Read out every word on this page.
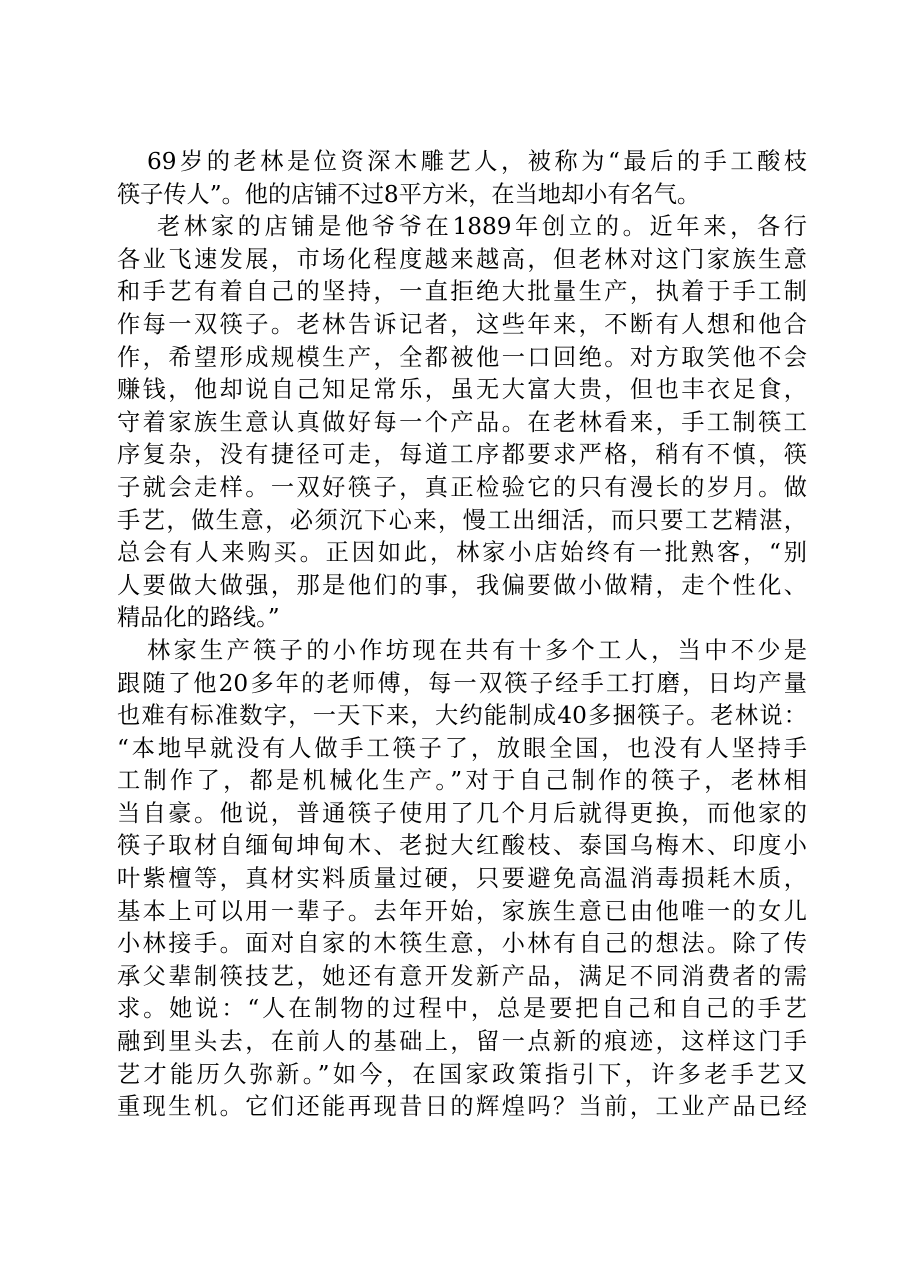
69岁的老林是位资深木雕艺人，被称为“最后的手工酸枝
筷子传人”。他的店铺不过8平方米，在当地却小有名气。
老林家的店铺是他爷爷在1889年创立的。近年来，各行
各业飞速发展，市场化程度越来越高，但老林对这门家族生意
和手艺有着自己的坚持，一直拒绝大批量生产，执着于手工制
作每一双筷子。老林告诉记者，这些年来，不断有人想和他合
作，希望形成规模生产，全都被他一口回绝。对方取笑他不会
赚钱，他却说自己知足常乐，虽无大富大贵，但也丰衣足食，
守着家族生意认真做好每一个产品。在老林看来，手工制筷工
序复杂，没有捷径可走，每道工序都要求严格，稍有不慎，筷
子就会走样。一双好筷子，真正检验它的只有漫长的岁月。做
手艺，做生意，必须沉下心来，慢工出细活，而只要工艺精湛，
总会有人来购买。正因如此，林家小店始终有一批熟客，“别
人要做大做强，那是他们的事，我偏要做小做精，走个性化、
精品化的路线。”
林家生产筷子的小作坊现在共有十多个工人，当中不少是
跟随了他20多年的老师傅，每一双筷子经手工打磨，日均产量
也难有标准数字，一天下来，大约能制成40多捆筷子。老林说：
“本地早就没有人做手工筷子了，放眼全国，也没有人坚持手
工制作了，都是机械化生产。”对于自己制作的筷子，老林相
当自豪。他说，普通筷子使用了几个月后就得更换，而他家的
筷子取材自缅甸坤甸木、老挝大红酸枝、泰国乌梅木、印度小
叶紫檀等，真材实料质量过硬，只要避免高温消毒损耗木质，
基本上可以用一辈子。去年开始，家族生意已由他唯一的女儿
小林接手。面对自家的木筷生意，小林有自己的想法。除了传
承父辈制筷技艺，她还有意开发新产品，满足不同消费者的需
求。她说：“人在制物的过程中，总是要把自己和自己的手艺
融到里头去，在前人的基础上，留一点新的痕迹，这样这门手
艺才能历久弥新。”如今，在国家政策指引下，许多老手艺又
重现生机。它们还能再现昔日的辉煌吗？当前，工业产品已经
